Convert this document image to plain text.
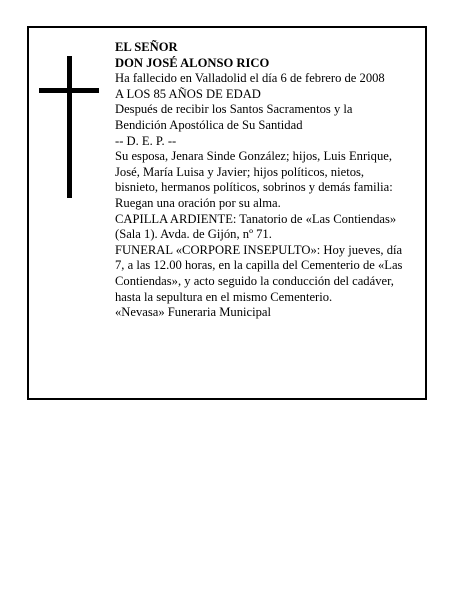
EL SEÑOR
DON JOSÉ ALONSO RICO
Ha fallecido en Valladolid el día 6 de febrero de 2008
A LOS 85 AÑOS DE EDAD
Después de recibir los Santos Sacramentos y la
Bendición Apostólica de Su Santidad
-- D. E. P. --
Su esposa, Jenara Sinde González; hijos, Luis Enrique,
José, María Luisa y Javier; hijos políticos, nietos,
bisnieto, hermanos políticos, sobrinos y demás familia:
Ruegan una oración por su alma.
CAPILLA ARDIENTE: Tanatorio de «Las Contiendas»
(Sala 1). Avda. de Gijón, nº 71.
FUNERAL «CORPORE INSEPULTO»: Hoy jueves, día
7, a las 12.00 horas, en la capilla del Cementerio de «Las
Contiendas», y acto seguido la conducción del cadáver,
hasta la sepultura en el mismo Cementerio.
«Nevasa» Funeraria Municipal
